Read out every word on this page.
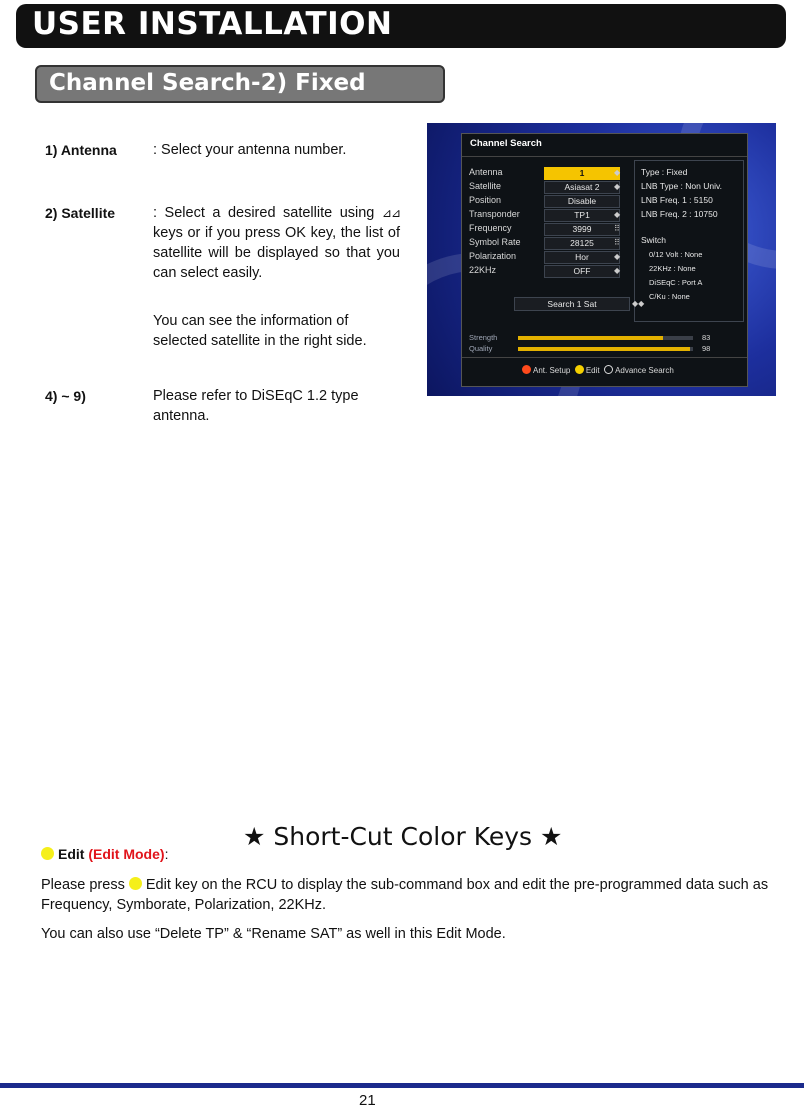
USER INSTALLATION
Channel Search-2) Fixed
1) Antenna : Select your antenna number.
2) Satellite	: Select a desired satellite using ⊿⊿ keys or if you press OK key, the list of satellite will be displayed so that you can select easily.
You can see the information of selected satellite in the right side.
4) ~ 9)	Please refer to DiSEqC 1.2 type antenna.
Channel Search
Antenna	1	◆
Satellite	Asiasat 2	◆
Position	Disable
Transponder	TP1	◆
Frequency	3999	⠿
Symbol Rate	28125	⠿
Polarization	Hor	◆
22KHz	OFF	◆
Type : Fixed
LNB Type : Non Univ.
LNB Freq. 1 : 5150
LNB Freq. 2 : 10750
Switch
0/12 Volt : None
22KHz : None
DiSEqC : Port A
C/Ku : None
Search 1 Sat	◆◆
Strength	83
Quality	98
Ant. Setup Edit Advance Search
★ Short-Cut Color Keys ★
Edit (Edit Mode):
Please press Edit key on the RCU to display the sub-command box and edit the pre-programmed data such as Frequency, Symborate, Polarization, 22KHz.
You can also use “Delete TP” & “Rename SAT” as well in this Edit Mode.
21
